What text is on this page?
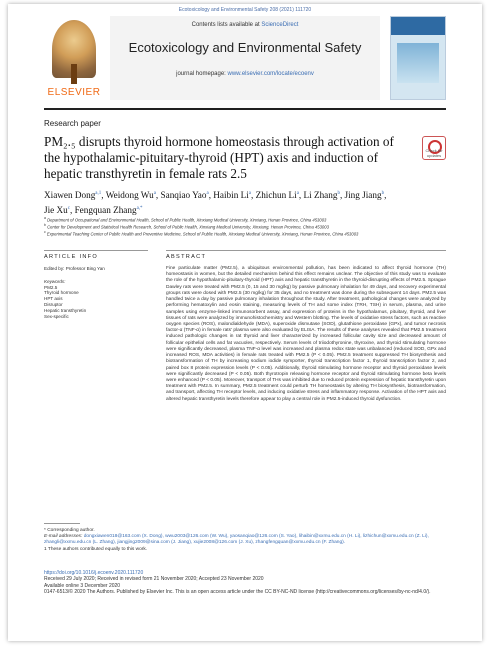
Ecotoxicology and Environmental Safety 208 (2021) 111720
ELSEVIER
Contents lists available at ScienceDirect
Ecotoxicology and Environmental Safety
journal homepage: www.elsevier.com/locate/ecoenv
Research paper
PM₂.₅ disrupts thyroid hormone homeostasis through activation of the hypothalamic-pituitary-thyroid (HPT) axis and induction of hepatic transthyretin in female rats 2.5
Check for updates
Xiawen Dong$^{a,1}$, Weidong Wu$^a$, Sanqiao Yao$^a$, Haibin Li$^a$, Zhichun Li$^a$, Li Zhang$^b$, Jing Jiang$^b$,
Jie Xu$^c$, Fengquan Zhang$^{a,*}$
$^a$ Department of Occupational and Environmental Health, School of Public Health, Xinxiang Medical University, Xinxiang, Henan Province, China 453003
$^b$ Center for Development and Statistical Health Research, School of Public Health, Xinxiang Medical University, Xinxiang, Henan Province, China 453003
$^c$ Experimental Teaching Center of Public Health and Preventive Medicine, School of Public Health, Xinxiang Medical University, Xinxiang, Henan Province, China 453003
ARTICLE INFO	ABSTRACT
Edited by: Professor Bing Yan
Keywords:
PM2.5
Thyroid hormone
HPT axis
Disruptor
Hepatic transthyretin
Sex-specific
Fine particulate matter (PM2.5), a ubiquitous environmental pollution, has been indicated to affect thyroid hormone (TH) homeostasis in women, but the detailed mechanism behind this effect remains unclear. The objective of this study was to evaluate the role of the hypothalamic-pituitary-thyroid (HPT) axis and hepatic transthyretin in the thyroid-disrupting effects of PM2.5. Sprague Dawley rats were treated with PM2.5 (0, 15 and 30 mg/kg) by passive pulmonary inhalation for 49 days, and recovery experimental groups rats were dosed with PM2.5 (30 mg/kg) for 35 days, and no treatment was done during the subsequent 14 days. PM2.5 was handled twice a day by passive pulmonary inhalation throughout the study. After treatment, pathological changes were analyzed by performing hematoxylin and eosin staining, measuring levels of TH and some index (TRH, TSH) in serum, plasma, and urine samples using enzyme-linked immunosorbent assay, and expression of proteins in the hypothalamus, pituitary, thyroid, and liver tissues of rats were analyzed by immunohistochemistry and Western blotting. The levels of oxidative stress factors, such as reactive oxygen species (ROS), malondialdehyde (MDA), superoxide dismutase (SOD), glutathione peroxidase (GPx), and tumor necrosis factor-α (TNF-α) in female rats' plasma were also evaluated by ELISA. The results of these analyses revealed that PM2.5 treatment induced pathologic changes in rat thyroid and liver characterized by increased follicular cavity size and decreased amount of follicular epithelial cells and fat vacuoles, respectively. Serum levels of triiodothyronine, thyroxine, and thyroid stimulating hormone were significantly decreased, plasma TNF-α level was increased and plasma redox state was unbalanced (reduced SOD, GPx and increased ROS, MDA activities) in female rats treated with PM2.5 (P < 0.05). PM2.5 treatment suppressed TH biosynthesis and biotransformation of TH by increasing sodium iodide symporter, thyroid transcription factor 1, thyroid transcription factor 2, and paired box 8 protein expression levels (P < 0.05). Additionally, thyroid stimulating hormone receptor and thyroid peroxidase levels were significantly decreased (P < 0.05). Both thyrotropin releasing hormone receptor and thyroid stimulating hormone beta levels were enhanced (P < 0.05). Moreover, transport of THs was inhibited due to reduced protein expression of hepatic transthyretin upon treatment with PM2.5. In summary, PM2.5 treatment could perturb TH homeostasis by altering TH biosynthesis, biotransformation, and transport, affecting TH receptor levels, and inducing oxidative stress and inflammatory response. Activation of the HPT axis and altered hepatic transthyretin levels therefore appear to play a central role in PM2.5-induced thyroid dysfunction.
* Corresponding author.
E-mail addresses: dongxiawen018@163.com (X. Dong), wwu2003@126.com (W. Wu), yaosanqiao@126.com (S. Yao), lihaibin@xxmu.edu.cn (H. Li), lizhichun@xxmu.edu.cn (Z. Li), zhangli@xxmu.edu.cn (L. Zhang), jiangjing2009@sina.com (J. Jiang), xujie2008@126.com (J. Xu), zhangfengquan@xxmu.edu.cn (F. Zhang).
1 These authors contributed equally to this work.
https://doi.org/10.1016/j.ecoenv.2020.111720
Received 29 July 2020; Received in revised form 21 November 2020; Accepted 23 November 2020
Available online 3 December 2020
0147-6513/© 2020 The Authors. Published by Elsevier Inc. This is an open access article under the CC BY-NC-ND license (http://creativecommons.org/licenses/by-nc-nd/4.0/).
